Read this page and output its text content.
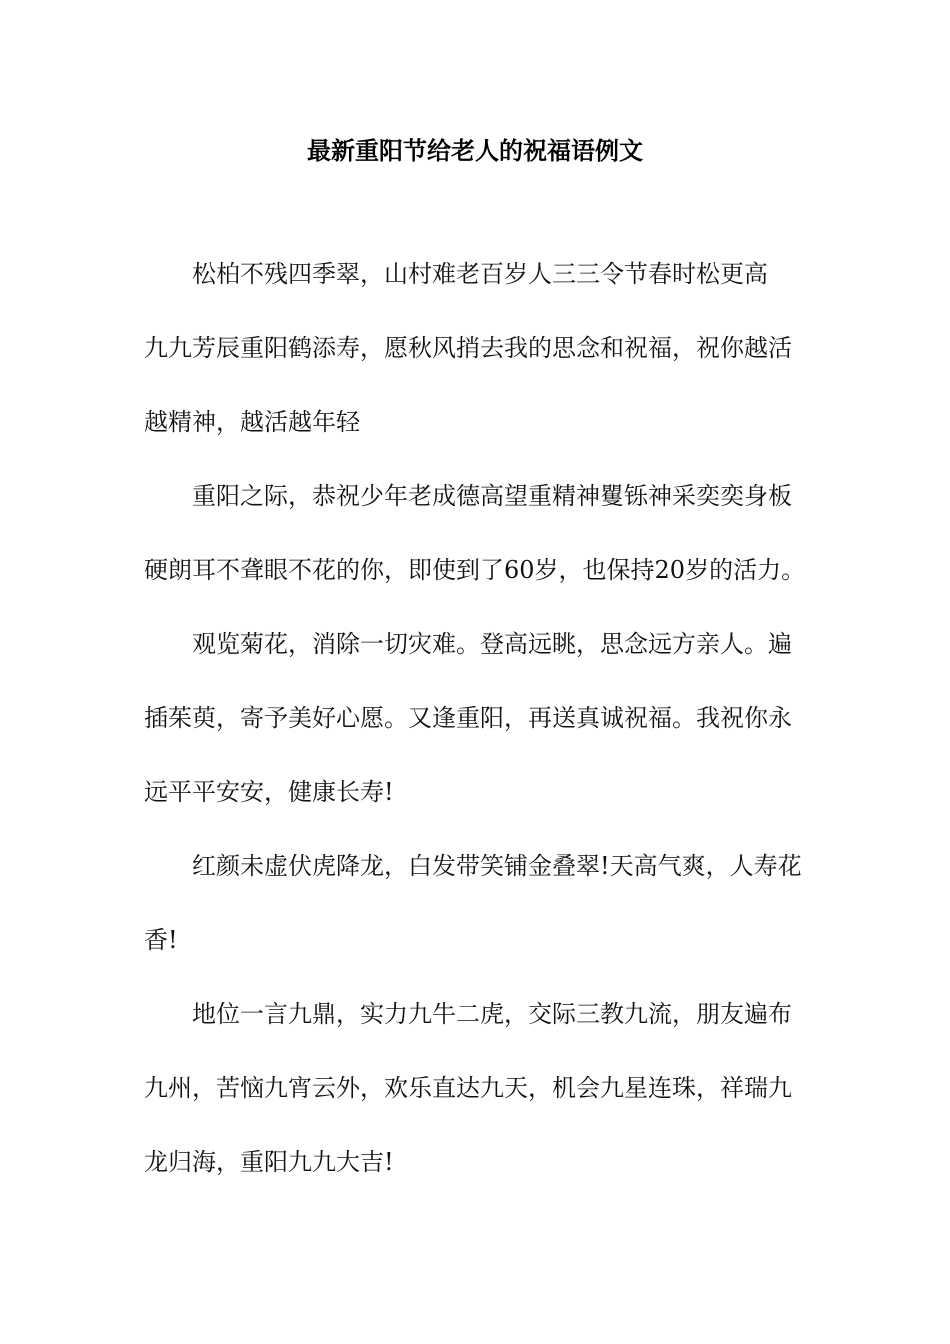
最新重阳节给老人的祝福语例文
松柏不残四季翠，山村难老百岁人三三令节春时松更高
九九芳辰重阳鹤添寿，愿秋风捎去我的思念和祝福，祝你越活
越精神，越活越年轻
重阳之际，恭祝少年老成德高望重精神矍铄神采奕奕身板
硬朗耳不聋眼不花的你，即使到了60岁，也保持20岁的活力。
观览菊花，消除一切灾难。登高远眺，思念远方亲人。遍
插茱萸，寄予美好心愿。又逢重阳，再送真诚祝福。我祝你永
远平平安安，健康长寿!
红颜未虚伏虎降龙，白发带笑铺金叠翠!天高气爽，人寿花
香!
地位一言九鼎，实力九牛二虎，交际三教九流，朋友遍布
九州，苦恼九宵云外，欢乐直达九天，机会九星连珠，祥瑞九
龙归海，重阳九九大吉!
